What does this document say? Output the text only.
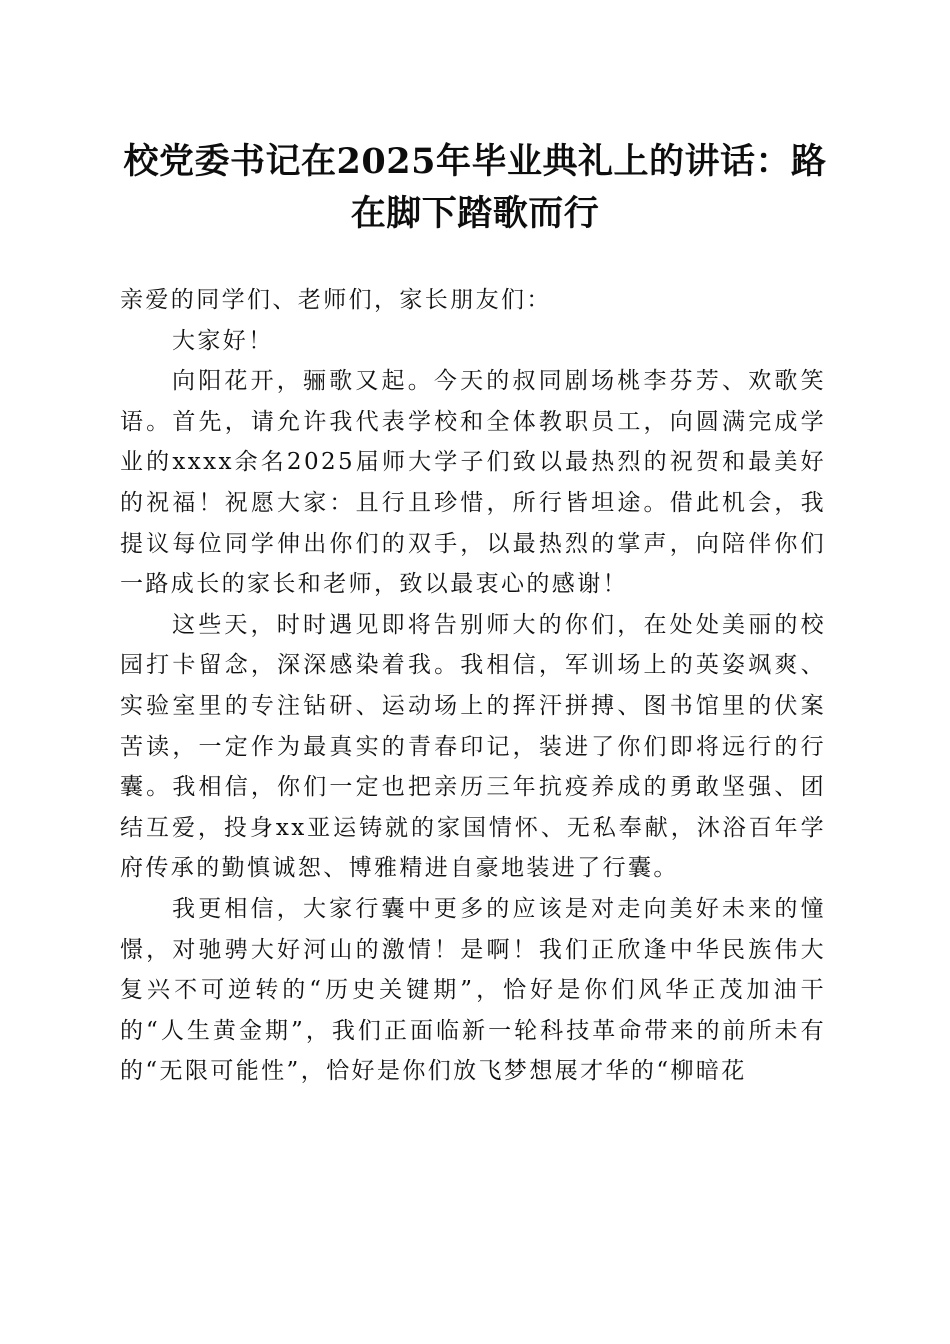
校党委书记在2025年毕业典礼上的讲话：路在脚下踏歌而行

亲爱的同学们、老师们，家长朋友们：

大家好！

向阳花开，骊歌又起。今天的叔同剧场桃李芬芳、欢歌笑语。首先，请允许我代表学校和全体教职员工，向圆满完成学业的xxxx余名2025届师大学子们致以最热烈的祝贺和最美好的祝福！祝愿大家：且行且珍惜，所行皆坦途。借此机会，我提议每位同学伸出你们的双手，以最热烈的掌声，向陪伴你们一路成长的家长和老师，致以最衷心的感谢！

这些天，时时遇见即将告别师大的你们，在处处美丽的校园打卡留念，深深感染着我。我相信，军训场上的英姿飒爽、实验室里的专注钻研、运动场上的挥汗拼搏、图书馆里的伏案苦读，一定作为最真实的青春印记，装进了你们即将远行的行囊。我相信，你们一定也把亲历三年抗疫养成的勇敢坚强、团结互爱，投身xx亚运铸就的家国情怀、无私奉献，沐浴百年学府传承的勤慎诚恕、博雅精进自豪地装进了行囊。

我更相信，大家行囊中更多的应该是对走向美好未来的憧憬，对驰骋大好河山的激情！是啊！我们正欣逢中华民族伟大复兴不可逆转的“历史关键期”，恰好是你们风华正茂加油干的“人生黄金期”，我们正面临新一轮科技革命带来的前所未有的“无限可能性”，恰好是你们放飞梦想展才华的“柳暗花
